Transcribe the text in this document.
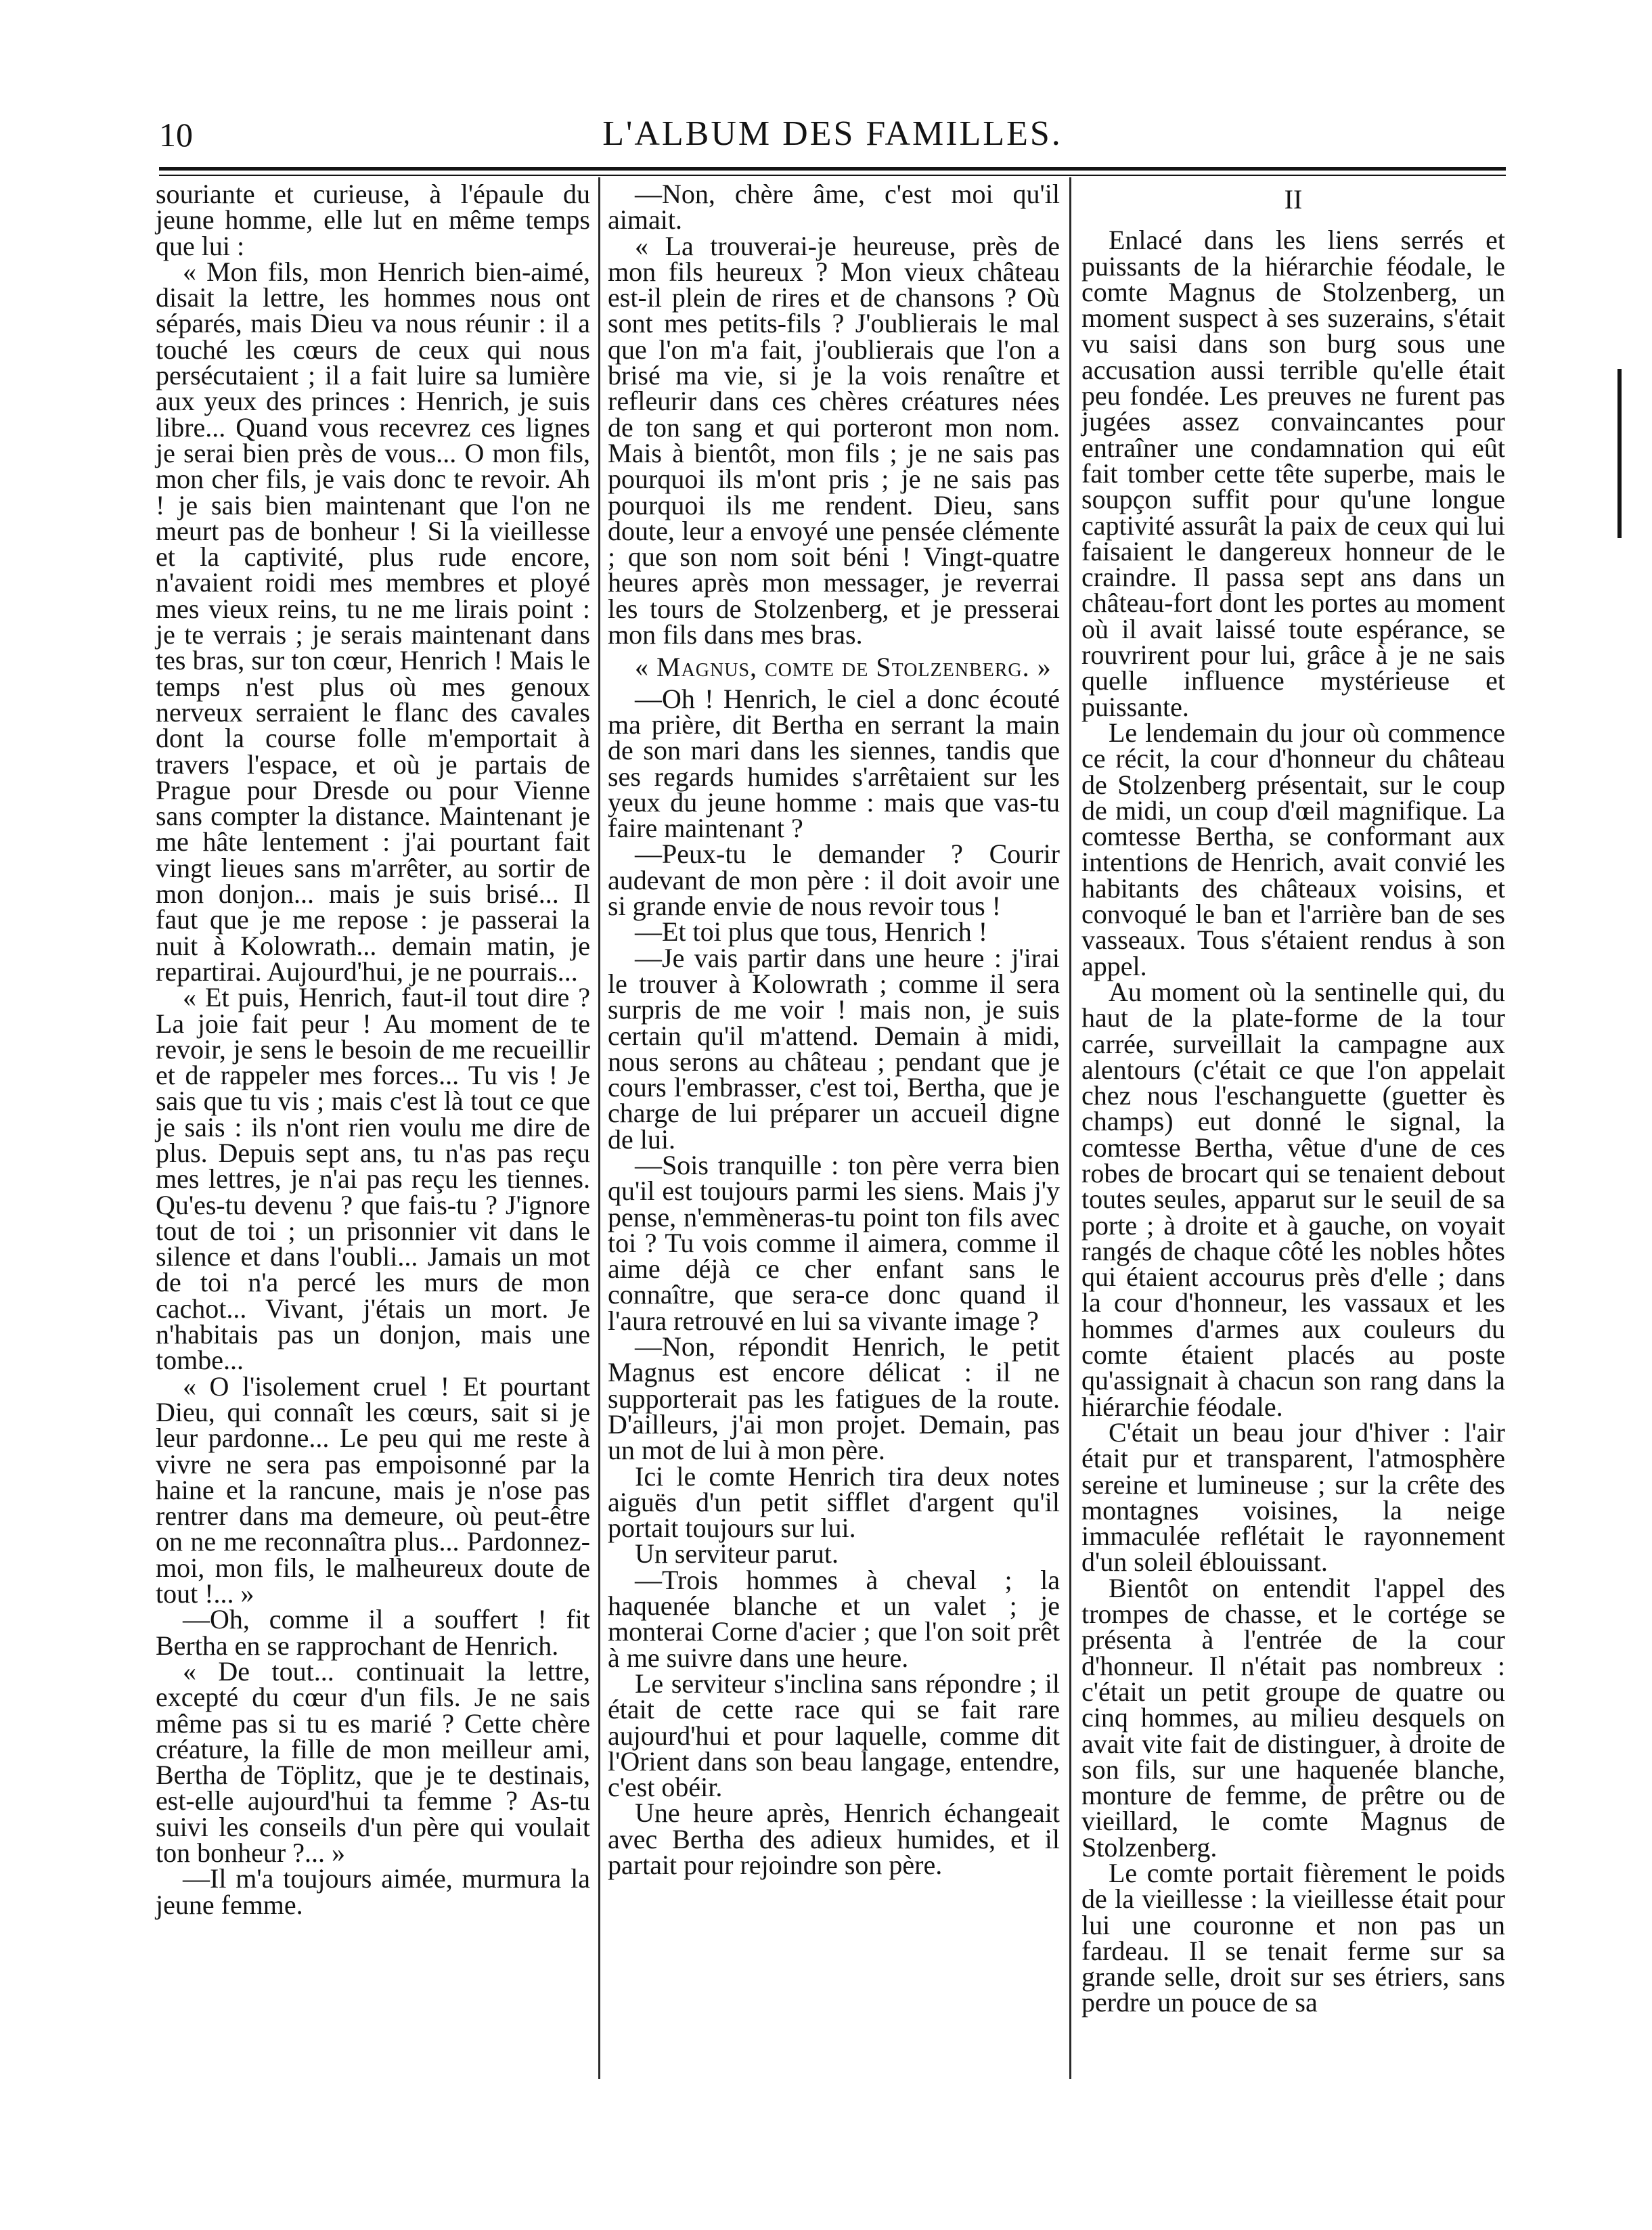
10	L'ALBUM DES FAMILLES.

souriante et curieuse, à l'épaule du jeune homme, elle lut en même temps que lui :

« Mon fils, mon Henrich bien-aimé, disait la lettre, les hommes nous ont séparés, mais Dieu va nous réunir : il a touché les cœurs de ceux qui nous persécutaient ; il a fait luire sa lumière aux yeux des princes : Henrich, je suis libre... Quand vous recevrez ces lignes je serai bien près de vous... O mon fils, mon cher fils, je vais donc te revoir. Ah ! je sais bien maintenant que l'on ne meurt pas de bonheur ! Si la vieillesse et la captivité, plus rude encore, n'avaient roidi mes membres et ployé mes vieux reins, tu ne me lirais point : je te verrais ; je serais maintenant dans tes bras, sur ton cœur, Henrich ! Mais le temps n'est plus où mes genoux nerveux serraient le flanc des cavales dont la course folle m'emportait à travers l'espace, et où je partais de Prague pour Dresde ou pour Vienne sans compter la distance. Maintenant je me hâte lentement : j'ai pourtant fait vingt lieues sans m'arrêter, au sortir de mon donjon... mais je suis brisé... Il faut que je me repose : je passerai la nuit à Kolowrath... demain matin, je repartirai. Aujourd'hui, je ne pourrais...

« Et puis, Henrich, faut-il tout dire ? La joie fait peur ! Au moment de te revoir, je sens le besoin de me recueillir et de rappeler mes forces... Tu vis ! Je sais que tu vis ; mais c'est là tout ce que je sais : ils n'ont rien voulu me dire de plus. Depuis sept ans, tu n'as pas reçu mes lettres, je n'ai pas reçu les tiennes. Qu'es-tu devenu ? que fais-tu ? J'ignore tout de toi ; un prisonnier vit dans le silence et dans l'oubli... Jamais un mot de toi n'a percé les murs de mon cachot... Vivant, j'étais un mort. Je n'habitais pas un donjon, mais une tombe...

« O l'isolement cruel ! Et pourtant Dieu, qui connaît les cœurs, sait si je leur pardonne... Le peu qui me reste à vivre ne sera pas empoisonné par la haine et la rancune, mais je n'ose pas rentrer dans ma demeure, où peut-être on ne me reconnaîtra plus... Pardonnez-moi, mon fils, le malheureux doute de tout !... »

—Oh, comme il a souffert ! fit Bertha en se rapprochant de Henrich.

« De tout... continuait la lettre, excepté du cœur d'un fils. Je ne sais même pas si tu es marié ? Cette chère créature, la fille de mon meilleur ami, Bertha de Töplitz, que je te destinais, est-elle aujourd'hui ta femme ? As-tu suivi les conseils d'un père qui voulait ton bonheur ?... »

—Il m'a toujours aimée, murmura la jeune femme.

—Non, chère âme, c'est moi qu'il aimait.

« La trouverai-je heureuse, près de mon fils heureux ? Mon vieux château est-il plein de rires et de chansons ? Où sont mes petits-fils ? J'oublierais le mal que l'on m'a fait, j'oublierais que l'on a brisé ma vie, si je la vois renaître et refleurir dans ces chères créatures nées de ton sang et qui porteront mon nom. Mais à bientôt, mon fils ; je ne sais pas pourquoi ils m'ont pris ; je ne sais pas pourquoi ils me rendent. Dieu, sans doute, leur a envoyé une pensée clémente ; que son nom soit béni ! Vingt-quatre heures après mon messager, je reverrai les tours de Stolzenberg, et je presserai mon fils dans mes bras.

« Magnus, comte de Stolzenberg. »

—Oh ! Henrich, le ciel a donc écouté ma prière, dit Bertha en serrant la main de son mari dans les siennes, tandis que ses regards humides s'arrêtaient sur les yeux du jeune homme : mais que vas-tu faire maintenant ?

—Peux-tu le demander ? Courir audevant de mon père : il doit avoir une si grande envie de nous revoir tous !

—Et toi plus que tous, Henrich !

—Je vais partir dans une heure : j'irai le trouver à Kolowrath ; comme il sera surpris de me voir ! mais non, je suis certain qu'il m'attend. Demain à midi, nous serons au château ; pendant que je cours l'embrasser, c'est toi, Bertha, que je charge de lui préparer un accueil digne de lui.

—Sois tranquille : ton père verra bien qu'il est toujours parmi les siens. Mais j'y pense, n'emmèneras-tu point ton fils avec toi ? Tu vois comme il aimera, comme il aime déjà ce cher enfant sans le connaître, que sera-ce donc quand il l'aura retrouvé en lui sa vivante image ?

—Non, répondit Henrich, le petit Magnus est encore délicat : il ne supporterait pas les fatigues de la route. D'ailleurs, j'ai mon projet. Demain, pas un mot de lui à mon père.

Ici le comte Henrich tira deux notes aiguës d'un petit sifflet d'argent qu'il portait toujours sur lui.

Un serviteur parut.

—Trois hommes à cheval ; la haquenée blanche et un valet ; je monterai Corne d'acier ; que l'on soit prêt à me suivre dans une heure.

Le serviteur s'inclina sans répondre ; il était de cette race qui se fait rare aujourd'hui et pour laquelle, comme dit l'Orient dans son beau langage, entendre, c'est obéir.

Une heure après, Henrich échangeait avec Bertha des adieux humides, et il partait pour rejoindre son père.

II

Enlacé dans les liens serrés et puissants de la hiérarchie féodale, le comte Magnus de Stolzenberg, un moment suspect à ses suzerains, s'était vu saisi dans son burg sous une accusation aussi terrible qu'elle était peu fondée. Les preuves ne furent pas jugées assez convaincantes pour entraîner une condamnation qui eût fait tomber cette tête superbe, mais le soupçon suffit pour qu'une longue captivité assurât la paix de ceux qui lui faisaient le dangereux honneur de le craindre. Il passa sept ans dans un château-fort dont les portes au moment où il avait laissé toute espérance, se rouvrirent pour lui, grâce à je ne sais quelle influence mystérieuse et puissante.

Le lendemain du jour où commence ce récit, la cour d'honneur du château de Stolzenberg présentait, sur le coup de midi, un coup d'œil magnifique. La comtesse Bertha, se conformant aux intentions de Henrich, avait convié les habitants des châteaux voisins, et convoqué le ban et l'arrière ban de ses vasseaux. Tous s'étaient rendus à son appel.

Au moment où la sentinelle qui, du haut de la plate-forme de la tour carrée, surveillait la campagne aux alentours (c'était ce que l'on appelait chez nous l'eschanguette (guetter ès champs) eut donné le signal, la comtesse Bertha, vêtue d'une de ces robes de brocart qui se tenaient debout toutes seules, apparut sur le seuil de sa porte ; à droite et à gauche, on voyait rangés de chaque côté les nobles hôtes qui étaient accourus près d'elle ; dans la cour d'honneur, les vassaux et les hommes d'armes aux couleurs du comte étaient placés au poste qu'assignait à chacun son rang dans la hiérarchie féodale.

C'était un beau jour d'hiver : l'air était pur et transparent, l'atmosphère sereine et lumineuse ; sur la crête des montagnes voisines, la neige immaculée reflétait le rayonnement d'un soleil éblouissant.

Bientôt on entendit l'appel des trompes de chasse, et le cortége se présenta à l'entrée de la cour d'honneur. Il n'était pas nombreux : c'était un petit groupe de quatre ou cinq hommes, au milieu desquels on avait vite fait de distinguer, à droite de son fils, sur une haquenée blanche, monture de femme, de prêtre ou de vieillard, le comte Magnus de Stolzenberg.

Le comte portait fièrement le poids de la vieillesse : la vieillesse était pour lui une couronne et non pas un fardeau. Il se tenait ferme sur sa grande selle, droit sur ses étriers, sans perdre un pouce de sa
